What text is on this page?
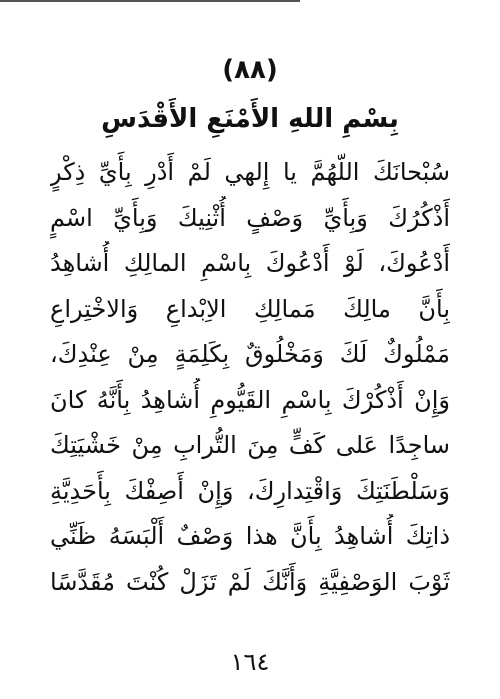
(٨٨)
بِسْمِ اللهِ الأَمْنَعِ الأَقْدَسِ
سُبْحانَكَ اللّهُمَّ يا إِلهي لَمْ أَدْرِ بِأَيِّ ذِكْرٍ
أَذْكُرُكَ وَبِأَيِّ وَصْفٍ أُثْنِيكَ وَبِأَيِّ اسْمٍ
أَدْعُوكَ، لَوْ أَدْعُوكَ بِاسْمِ المالِكِ أُشاهِدُ
بِأَنَّ مالِكَ مَمالِكِ الاِبْداعِ وَالاخْتِراعِ
مَمْلُوكٌ لَكَ وَمَخْلُوقٌ بِكَلِمَةٍ مِنْ عِنْدِكَ،
وَإِنْ أَذْكُرْكَ بِاسْمِ القَيُّومِ أُشاهِدُ بِأَنَّهُ كانَ
ساجِدًا عَلى كَفٍّ مِنَ التُّرابِ مِنْ خَشْيَتِكَ
وَسَلْطَنَتِكَ وَاقْتِدارِكَ، وَإِنْ أَصِفْكَ بِأَحَدِيَّةِ
ذاتِكَ أُشاهِدُ بِأَنَّ هذا وَصْفٌ أَلْبَسَهُ ظَنِّي
ثَوْبَ الوَصْفِيَّةِ وَأَنَّكَ لَمْ تَزَلْ كُنْتَ مُقَدَّسًا
١٦٤
